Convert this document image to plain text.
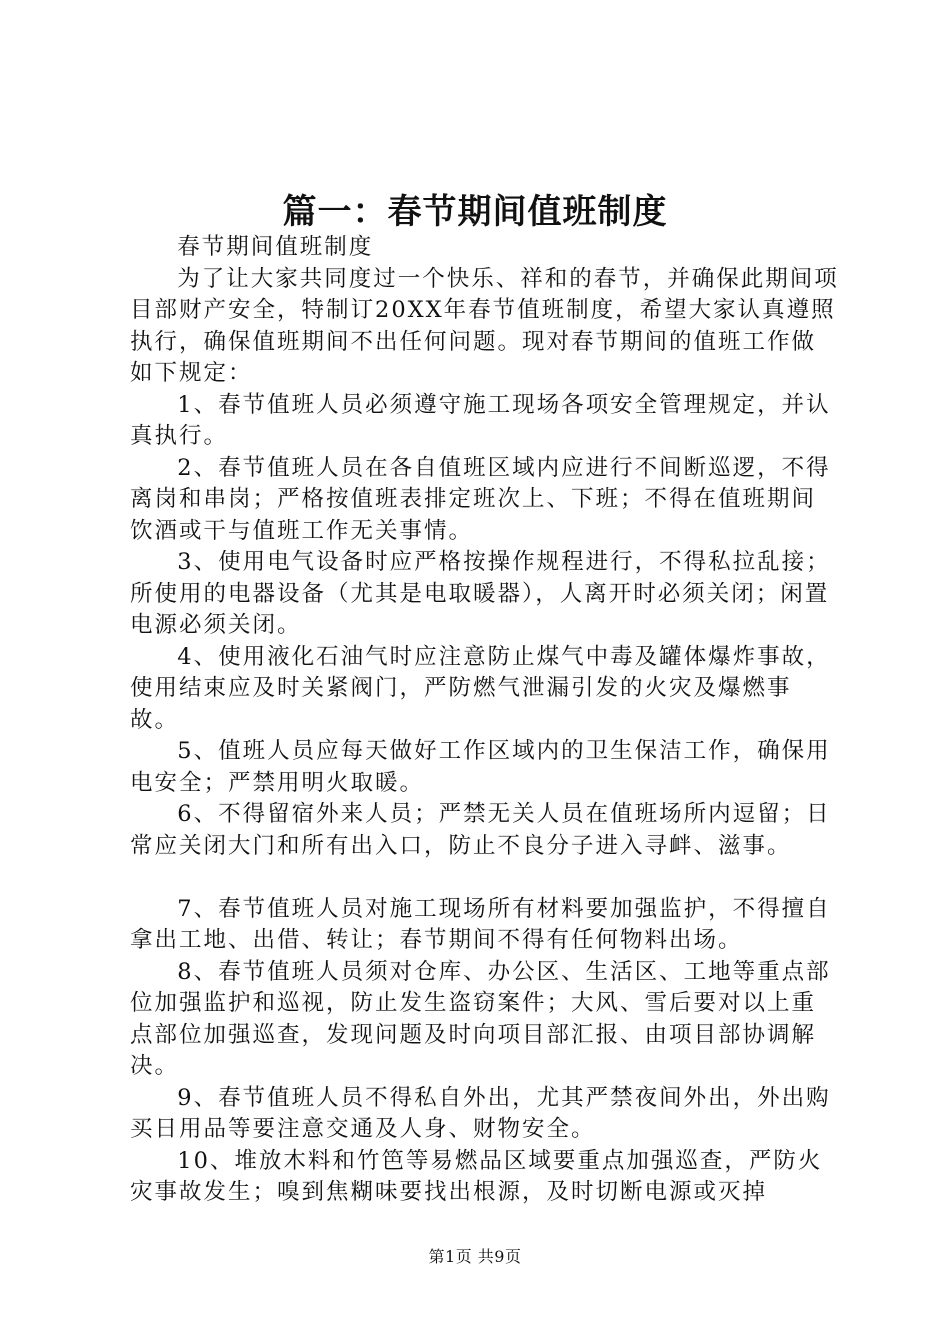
篇一：春节期间值班制度

春节期间值班制度

为了让大家共同度过一个快乐、祥和的春节，并确保此期间项目部财产安全，特制订20XX年春节值班制度，希望大家认真遵照执行，确保值班期间不出任何问题。现对春节期间的值班工作做如下规定：

1、春节值班人员必须遵守施工现场各项安全管理规定，并认真执行。

2、春节值班人员在各自值班区域内应进行不间断巡逻，不得离岗和串岗；严格按值班表排定班次上、下班；不得在值班期间饮酒或干与值班工作无关事情。

3、使用电气设备时应严格按操作规程进行，不得私拉乱接；所使用的电器设备（尤其是电取暖器），人离开时必须关闭；闲置电源必须关闭。

4、使用液化石油气时应注意防止煤气中毒及罐体爆炸事故，使用结束应及时关紧阀门，严防燃气泄漏引发的火灾及爆燃事故。

5、值班人员应每天做好工作区域内的卫生保洁工作，确保用电安全；严禁用明火取暖。

6、不得留宿外来人员；严禁无关人员在值班场所内逗留；日常应关闭大门和所有出入口，防止不良分子进入寻衅、滋事。

7、春节值班人员对施工现场所有材料要加强监护，不得擅自拿出工地、出借、转让；春节期间不得有任何物料出场。

8、春节值班人员须对仓库、办公区、生活区、工地等重点部位加强监护和巡视，防止发生盗窃案件；大风、雪后要对以上重点部位加强巡查，发现问题及时向项目部汇报、由项目部协调解决。

9、春节值班人员不得私自外出，尤其严禁夜间外出，外出购买日用品等要注意交通及人身、财物安全。

10、堆放木料和竹笆等易燃品区域要重点加强巡查，严防火灾事故发生；嗅到焦糊味要找出根源，及时切断电源或灭掉

第1页 共9页
